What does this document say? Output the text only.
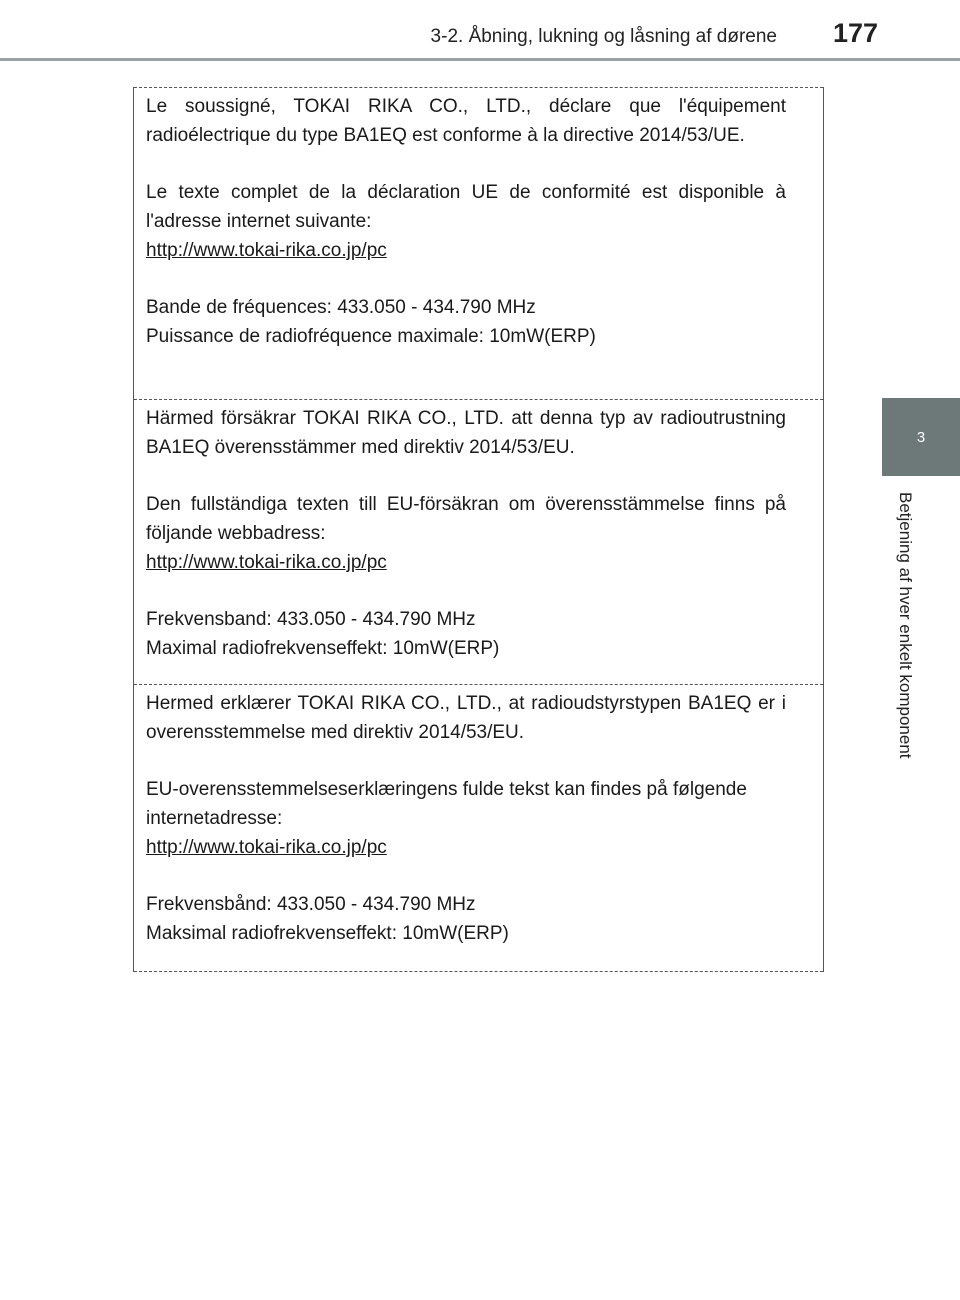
3-2. Åbning, lukning og låsning af dørene 177
3
Betjening af hver enkelt komponent

Le soussigné, TOKAI RIKA CO., LTD., déclare que l'équipement radioélectrique du type BA1EQ est conforme à la directive 2014/53/UE.

Le texte complet de la déclaration UE de conformité est disponible à l'adresse internet suivante:

http://www.tokai-rika.co.jp/pc

Bande de fréquences: 433.050 - 434.790 MHz

Puissance de radiofréquence maximale: 10mW(ERP)

Härmed försäkrar TOKAI RIKA CO., LTD. att denna typ av radioutrustning BA1EQ överensstämmer med direktiv 2014/53/EU.

Den fullständiga texten till EU-försäkran om överensstämmelse finns på följande webbadress:

http://www.tokai-rika.co.jp/pc

Frekvensband: 433.050 - 434.790 MHz

Maximal radiofrekvenseffekt: 10mW(ERP)

Hermed erklærer TOKAI RIKA CO., LTD., at radioudstyrstypen BA1EQ er i overensstemmelse med direktiv 2014/53/EU.

EU-overensstemmelseserklæringens fulde tekst kan findes på følgende internetadresse:

http://www.tokai-rika.co.jp/pc

Frekvensbånd: 433.050 - 434.790 MHz

Maksimal radiofrekvenseffekt: 10mW(ERP)
